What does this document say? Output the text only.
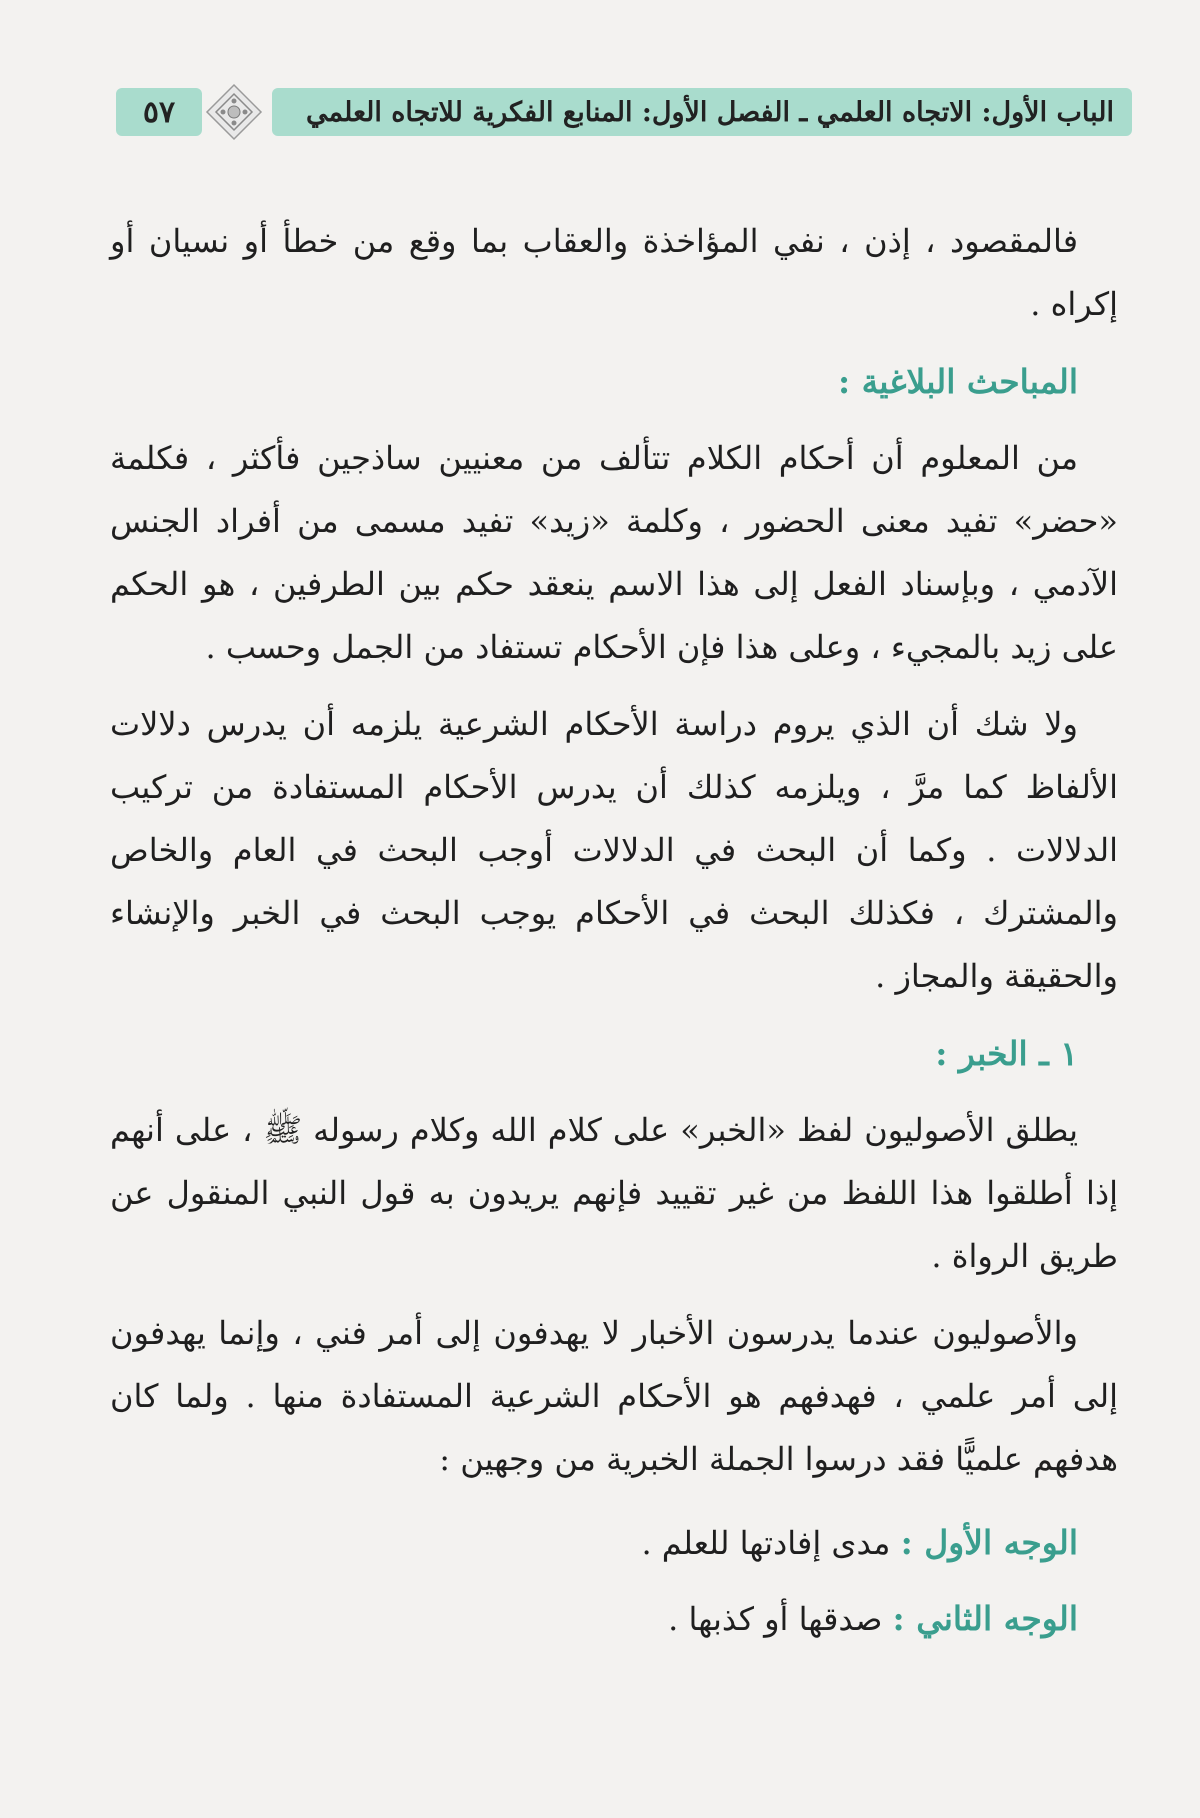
الباب الأول: الاتجاه العلمي ـ الفصل الأول: المنابع الفكرية للاتجاه العلمي
٥٧

فالمقصود ، إذن ، نفي المؤاخذة والعقاب بما وقع من خطأ أو نسيان أو إكراه .

المباحث البلاغية :

من المعلوم أن أحكام الكلام تتألف من معنيين ساذجين فأكثر ، فكلمة «حضر» تفيد معنى الحضور ، وكلمة «زيد» تفيد مسمى من أفراد الجنس الآدمي ، وبإسناد الفعل إلى هذا الاسم ينعقد حكم بين الطرفين ، هو الحكم على زيد بالمجيء ، وعلى هذا فإن الأحكام تستفاد من الجمل وحسب .

ولا شك أن الذي يروم دراسة الأحكام الشرعية يلزمه أن يدرس دلالات الألفاظ كما مرَّ ، ويلزمه كذلك أن يدرس الأحكام المستفادة من تركيب الدلالات . وكما أن البحث في الدلالات أوجب البحث في العام والخاص والمشترك ، فكذلك البحث في الأحكام يوجب البحث في الخبر والإنشاء والحقيقة والمجاز .

١ ـ الخبر :

يطلق الأصوليون لفظ «الخبر» على كلام الله وكلام رسوله ﷺ ، على أنهم إذا أطلقوا هذا اللفظ من غير تقييد فإنهم يريدون به قول النبي المنقول عن طريق الرواة .

والأصوليون عندما يدرسون الأخبار لا يهدفون إلى أمر فني ، وإنما يهدفون إلى أمر علمي ، فهدفهم هو الأحكام الشرعية المستفادة منها . ولما كان هدفهم علميًّا فقد درسوا الجملة الخبرية من وجهين :

الوجه الأول : مدى إفادتها للعلم .

الوجه الثاني : صدقها أو كذبها .
